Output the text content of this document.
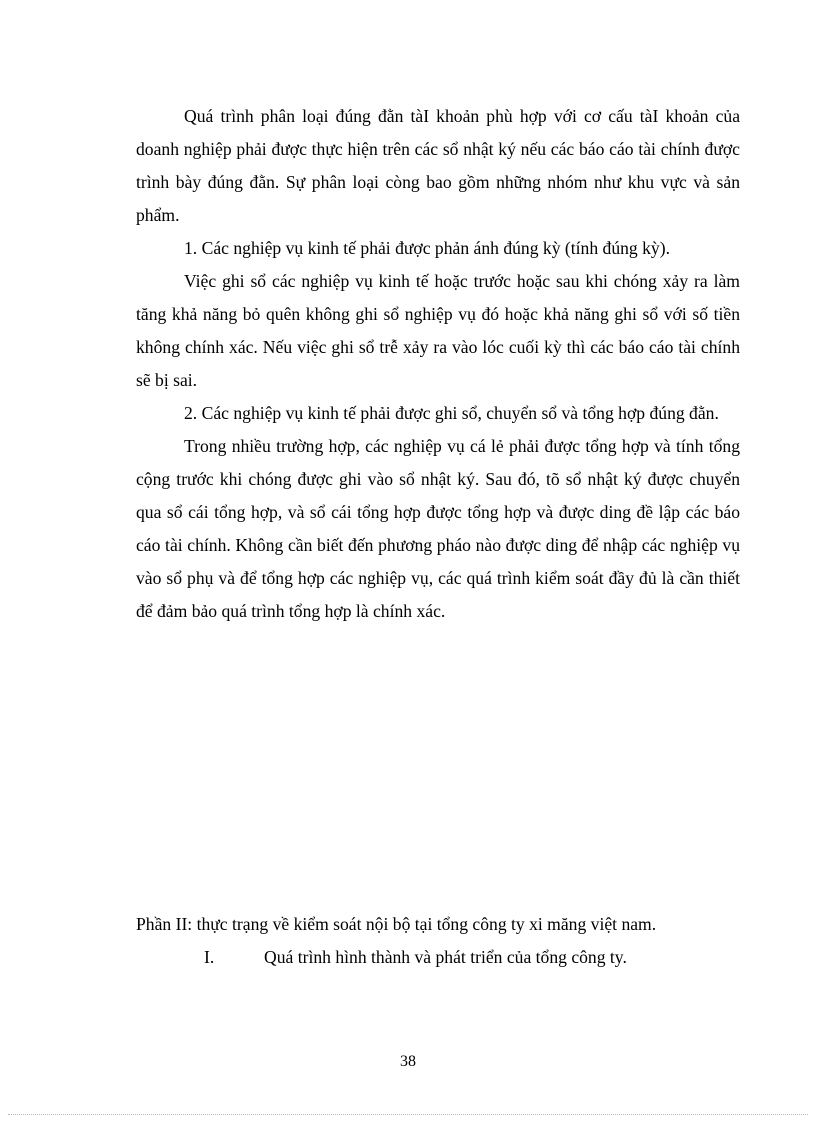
Quá trình phân loại đúng đằn tàI khoản phù hợp với cơ cấu tàI khoản của doanh nghiệp phải được thực hiện trên các sổ nhật ký nếu các báo cáo tài chính được trình bày đúng đằn. Sự phân loại còng bao gồm những nhóm như khu vực và sản phẩm.

1. Các nghiệp vụ kinh tế phải được phản ánh đúng kỳ (tính đúng kỳ).

Việc ghi sổ các nghiệp vụ kinh tế hoặc trước hoặc sau khi chóng xảy ra làm tăng khả năng bỏ quên không ghi sổ nghiệp vụ đó hoặc khả năng ghi sổ với số tiền không chính xác. Nếu việc ghi sổ trễ xảy ra vào lóc cuối kỳ thì các báo cáo tài chính sẽ bị sai.

2. Các nghiệp vụ kinh tế phải được ghi sổ, chuyển sổ và tổng hợp đúng đằn.

Trong nhiều trường hợp, các nghiệp vụ cá lẻ phải được tổng hợp và tính tổng cộng trước khi chóng được ghi vào sổ nhật ký. Sau đó, tõ sổ nhật ký được chuyển qua sổ cái tổng hợp, và sổ cái tổng hợp được tổng hợp và được ding đề lập các báo cáo tài chính. Không cần biết đến phương pháo nào được ding để nhập các nghiệp vụ vào sổ phụ và để tổng hợp các nghiệp vụ, các quá trình kiểm soát đầy đủ là cần thiết để đảm bảo quá trình tổng hợp là chính xác.

Phần II: thực trạng về kiểm soát nội bộ tại tổng công ty xi măng việt nam.

I.	Quá trình hình thành và phát triển của tổng công ty.

38
